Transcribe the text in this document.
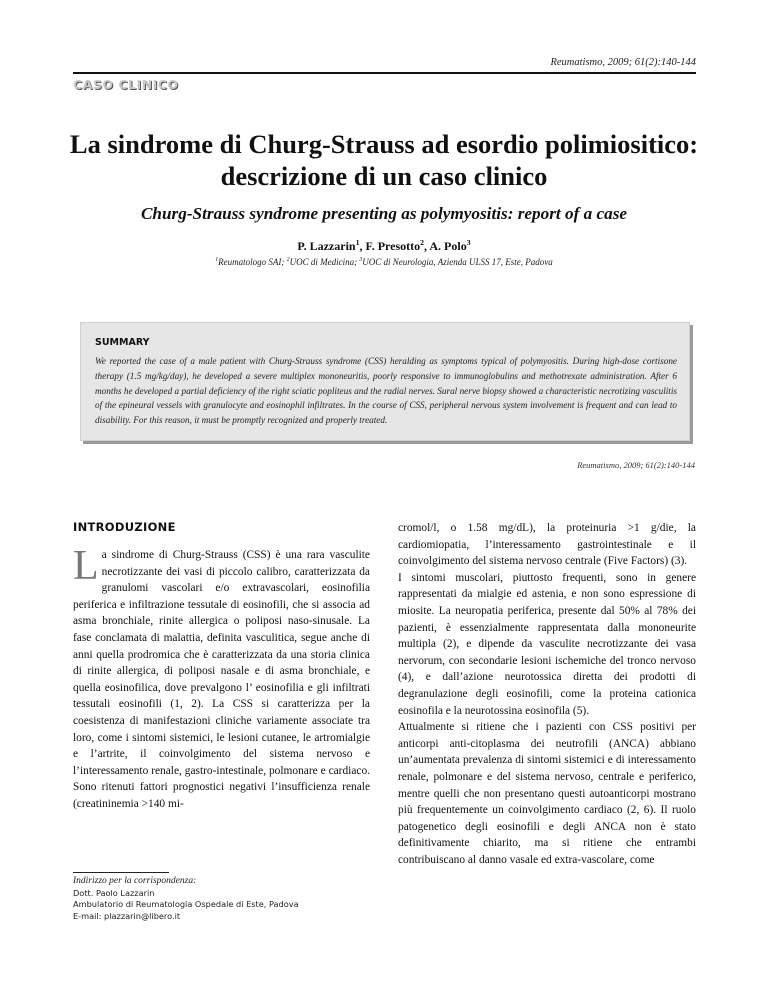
Reumatismo, 2009; 61(2):140-144
CASO CLINICO
La sindrome di Churg-Strauss ad esordio polimiositico: descrizione di un caso clinico
Churg-Strauss syndrome presenting as polymyositis: report of a case
P. Lazzarin$^1$, F. Presotto$^2$, A. Polo$^3$
$^1$Reumatologo SAI; $^2$UOC di Medicina; $^3$UOC di Neurologia, Azienda ULSS 17, Este, Padova
SUMMARY

We reported the case of a male patient with Churg-Strauss syndrome (CSS) heralding as symptoms typical of polymyositis. During high-dose cortisone therapy (1.5 mg/kg/day), he developed a severe multiplex mononeuritis, poorly responsive to immunoglobulins and methotrexate administration. After 6 months he developed a partial deficiency of the right sciatic popliteus and the radial nerves. Sural nerve biopsy showed a characteristic necrotizing vasculitis of the epineural vessels with granulocyte and eosinophil infiltrates. In the course of CSS, peripheral nervous system involvement is frequent and can lead to disability. For this reason, it must be promptly recognized and properly treated.

Reumatismo, 2009; 61(2):140-144
INTRODUZIONE

La sindrome di Churg-Strauss (CSS) è una rara vasculite necrotizzante dei vasi di piccolo calibro, caratterizzata da granulomi vascolari e/o extravascolari, eosinofilia periferica e infiltrazione tessutale di eosinofili, che si associa ad asma bronchiale, rinite allergica o poliposi naso-sinusale. La fase conclamata di malattia, definita vasculitica, segue anche di anni quella prodromica che è caratterizzata da una storia clinica di rinite allergica, di poliposi nasale e di asma bronchiale, e quella eosinofilica, dove prevalgono l’ eosinofilia e gli infiltrati tessutali eosinofili (1, 2). La CSS si caratterizza per la coesistenza di manifestazioni cliniche variamente associate tra loro, come i sintomi sistemici, le lesioni cutanee, le artromialgie e l’artrite, il coinvolgimento del sistema nervoso e l’interessamento renale, gastro-intestinale, polmonare e cardiaco. Sono ritenuti fattori prognostici negativi l’insufficienza renale (creatininemia >140 mi-

cromol/l, o 1.58 mg/dL), la proteinuria >1 g/die, la cardiomiopatia, l’interessamento gastrointestinale e il coinvolgimento del sistema nervoso centrale (Five Factors) (3).

I sintomi muscolari, piuttosto frequenti, sono in genere rappresentati da mialgie ed astenia, e non sono espressione di miosite. La neuropatia periferica, presente dal 50% al 78% dei pazienti, è essenzialmente rappresentata dalla mononeurite multipla (2), e dipende da vasculite necrotizzante dei vasa nervorum, con secondarie lesioni ischemiche del tronco nervoso (4), e dall’azione neurotossica diretta dei prodotti di degranulazione degli eosinofili, come la proteina cationica eosinofila e la neurotossina eosinofila (5).

Attualmente si ritiene che i pazienti con CSS positivi per anticorpi anti-citoplasma dei neutrofili (ANCA) abbiano un’aumentata prevalenza di sintomi sistemici e di interessamento renale, polmonare e del sistema nervoso, centrale e periferico, mentre quelli che non presentano questi autoanticorpi mostrano più frequentemente un coinvolgimento cardiaco (2, 6). Il ruolo patogenetico degli eosinofili e degli ANCA non è stato definitivamente chiarito, ma si ritiene che entrambi contribuiscano al danno vasale ed extra-vascolare, come

Indirizzo per la corrispondenza:
Dott. Paolo Lazzarin
Ambulatorio di Reumatologia Ospedale di Este, Padova
E-mail: plazzarin@libero.it
